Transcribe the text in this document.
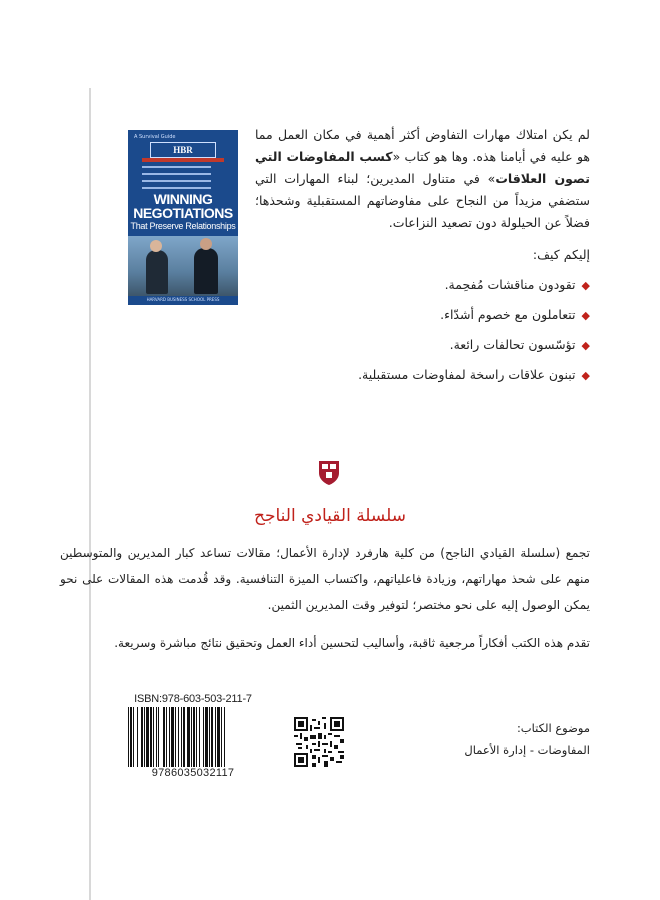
A Survival Guide
HBR
WINNING NEGOTIATIONS
That Preserve Relationships
HARVARD BUSINESS SCHOOL PRESS
لم يكن امتلاك مهارات التفاوض أكثر أهمية في مكان العمل مما هو عليه في أيامنا هذه. وها هو كتاب «كسب المفاوضات التي تصون العلاقات» في متناول المديرين؛ لبناء المهارات التي ستضفي مزيداً من النجاح على مفاوضاتهم المستقبلية وشحذها؛ فضلاً عن الحيلولة دون تصعيد النزاعات.
إليكم كيف:
◆تقودون مناقشات مُفحِمة.
◆تتعاملون مع خصوم أشدّاء.
◆تؤسّسون تحالفات رائعة.
◆تبنون علاقات راسخة لمفاوضات مستقبلية.
سلسلة القيادي الناجح
تجمع (سلسلة القيادي الناجح) من كلية هارفرد لإدارة الأعمال؛ مقالات تساعد كبار المديرين والمتوسطين منهم على شحذ مهاراتهم، وزيادة فاعلياتهم، واكتساب الميزة التنافسية. وقد قُدمت هذه المقالات على نحو يمكن الوصول إليه على نحو مختصر؛ لتوفير وقت المديرين الثمين.
تقدم هذه الكتب أفكاراً مرجعية ثاقبة، وأساليب لتحسين أداء العمل وتحقيق نتائج مباشرة وسريعة.
ISBN:978-603-503-211-7
9786035032117
موضوع الكتاب:
المفاوضات - إدارة الأعمال
